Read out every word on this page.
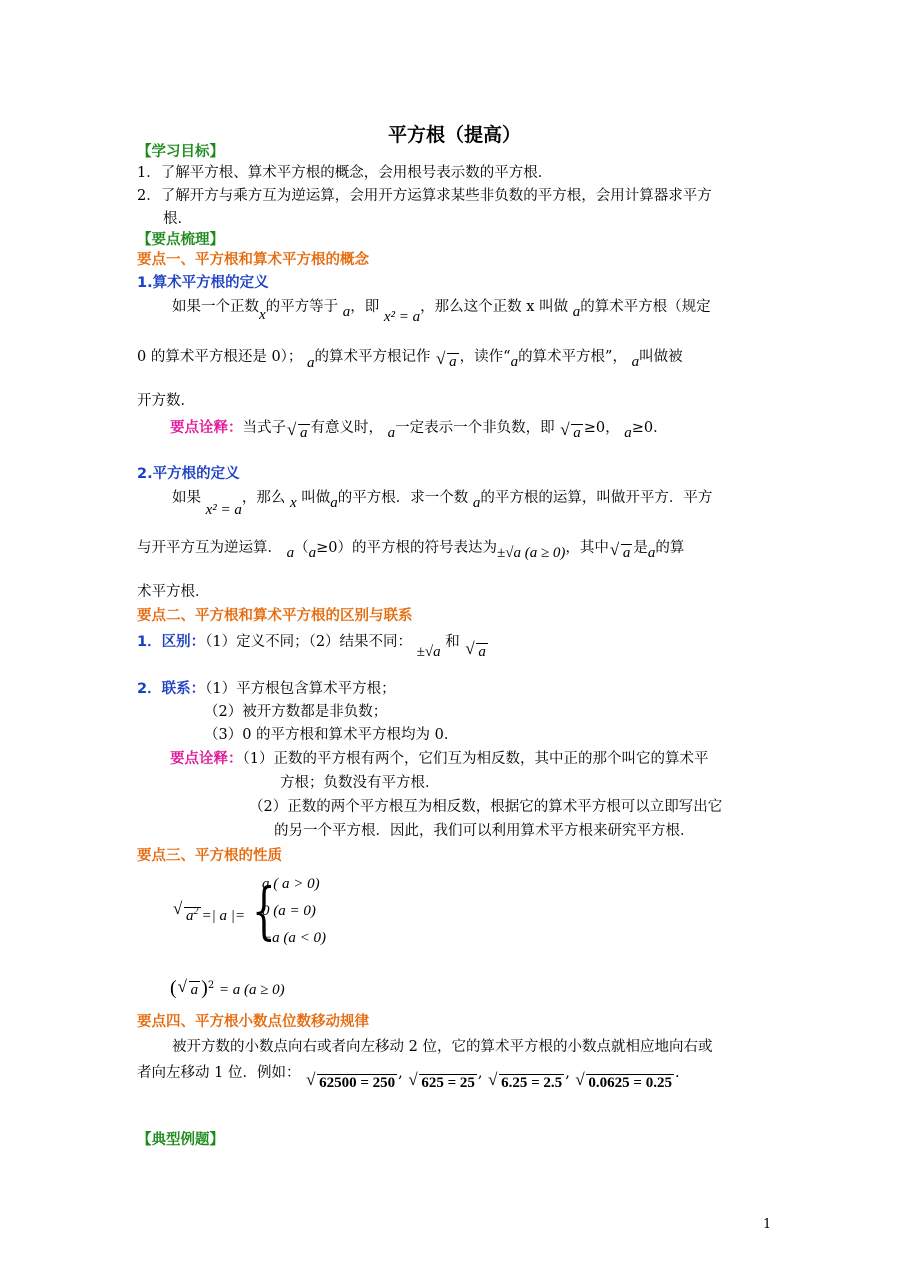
平方根（提高）
【学习目标】
1．了解平方根、算术平方根的概念，会用根号表示数的平方根．
2．了解开方与乘方互为逆运算，会用开方运算求某些非负数的平方根，会用计算器求平方
根．
【要点梳理】
要点一、平方根和算术平方根的概念
1.算术平方根的定义
如果一个正数x的平方等于 a，即 x² = a，那么这个正数 x 叫做 a的算术平方根（规定
0 的算术平方根还是 0）； a的算术平方根记作 √ a ，读作“a的算术平方根”， a叫做被
开方数．
要点诠释：当式子 √ a 有意义时， a一定表示一个非负数，即 √ a ≥0， a≥0．
2.平方根的定义
如果 x² = a，那么 x 叫做a的平方根．求一个数 a的平方根的运算，叫做开平方．平方
与开平方互为逆运算． a（a≥0）的平方根的符号表达为±√a (a ≥ 0)，其中 √ a 是a的算
术平方根．
要点二、平方根和算术平方根的区别与联系
1．区别：（1）定义不同；（2）结果不同： ±√a 和 √ a
2．联系：（1）平方根包含算术平方根；
（2）被开方数都是非负数；
（3）0 的平方根和算术平方根均为 0．
要点诠释：（1）正数的平方根有两个，它们互为相反数，其中正的那个叫它的算术平
方根；负数没有平方根．
（2）正数的两个平方根互为相反数，根据它的算术平方根可以立即写出它
的另一个平方根．因此，我们可以利用算术平方根来研究平方根．
要点三、平方根的性质
√ $a^2$ =| a |= {
a ( a > 0)
0 (a = 0)
−a (a < 0)
( √ a )$^2$ = a (a ≥ 0)
要点四、平方根小数点位数移动规律
被开方数的小数点向右或者向左移动 2 位，它的算术平方根的小数点就相应地向右或
者向左移动 1 位．例如： √ 62500 = 250, √ 625 = 25, √ 6.25 = 2.5, √ 0.0625 = 0.25.
【典型例题】
1
